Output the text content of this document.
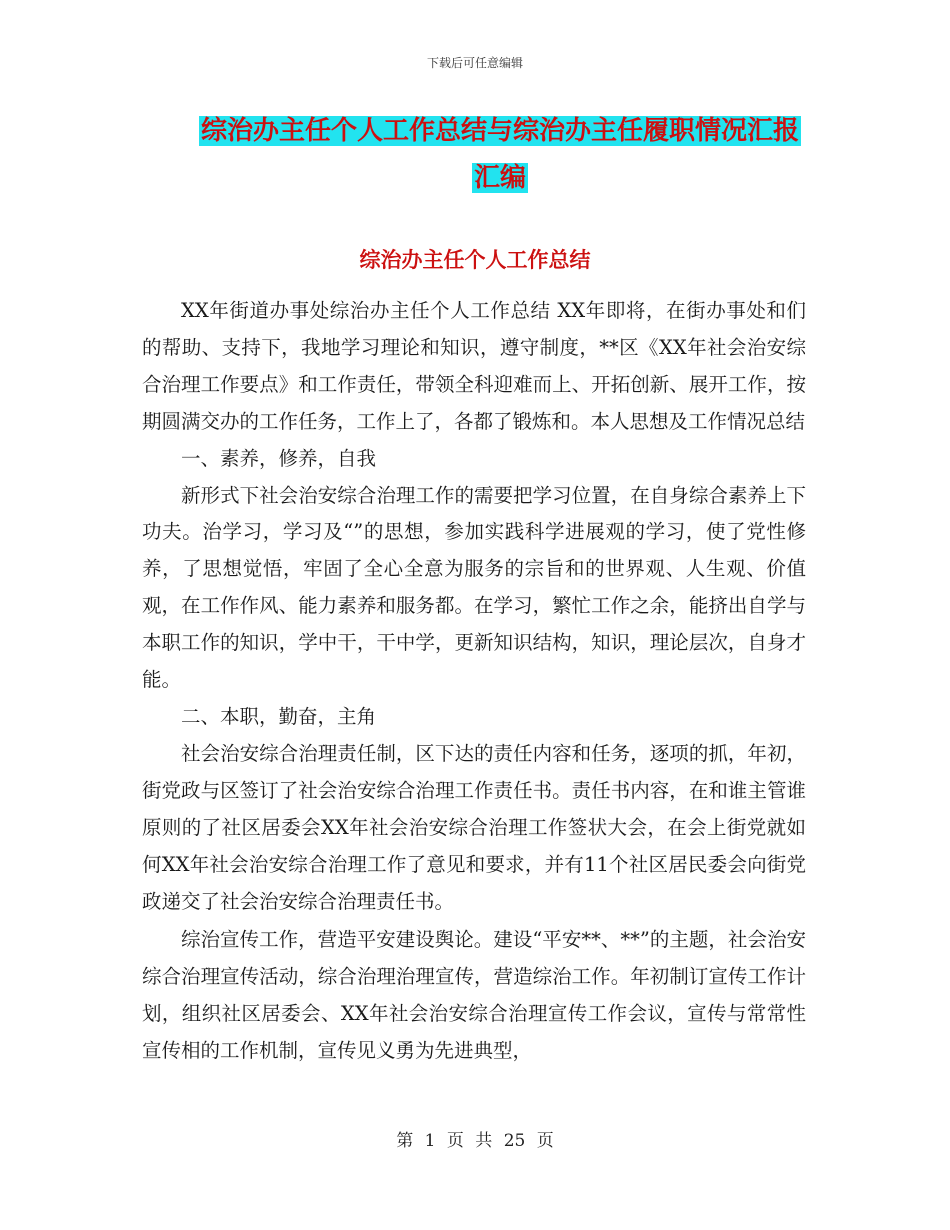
下载后可任意编辑
综治办主任个人工作总结与综治办主任履职情况汇报
汇编
综治办主任个人工作总结

XX年街道办事处综治办主任个人工作总结 XX年即将，在街办事处和们的帮助、支持下，我地学习理论和知识，遵守制度，**区《XX年社会治安综合治理工作要点》和工作责任，带领全科迎难而上、开拓创新、展开工作，按期圆满交办的工作任务，工作上了，各都了锻炼和。本人思想及工作情况总结

一、素养，修养，自我

新形式下社会治安综合治理工作的需要把学习位置，在自身综合素养上下功夫。治学习，学习及“”的思想，参加实践科学进展观的学习，使了党性修养，了思想觉悟，牢固了全心全意为服务的宗旨和的世界观、人生观、价值观，在工作作风、能力素养和服务都。在学习，繁忙工作之余，能挤出自学与本职工作的知识，学中干，干中学，更新知识结构，知识，理论层次，自身才能。

二、本职，勤奋，主角

社会治安综合治理责任制，区下达的责任内容和任务，逐项的抓，年初，街党政与区签订了社会治安综合治理工作责任书。责任书内容，在和谁主管谁原则的了社区居委会XX年社会治安综合治理工作签状大会，在会上街党就如何XX年社会治安综合治理工作了意见和要求，并有11个社区居民委会向街党政递交了社会治安综合治理责任书。

综治宣传工作，营造平安建设舆论。建设“平安**、**”的主题，社会治安综合治理宣传活动，综合治理治理宣传，营造综治工作。年初制订宣传工作计划，组织社区居委会、XX年社会治安综合治理宣传工作会议，宣传与常常性宣传相的工作机制，宣传见义勇为先进典型，

第 1 页 共 25 页
